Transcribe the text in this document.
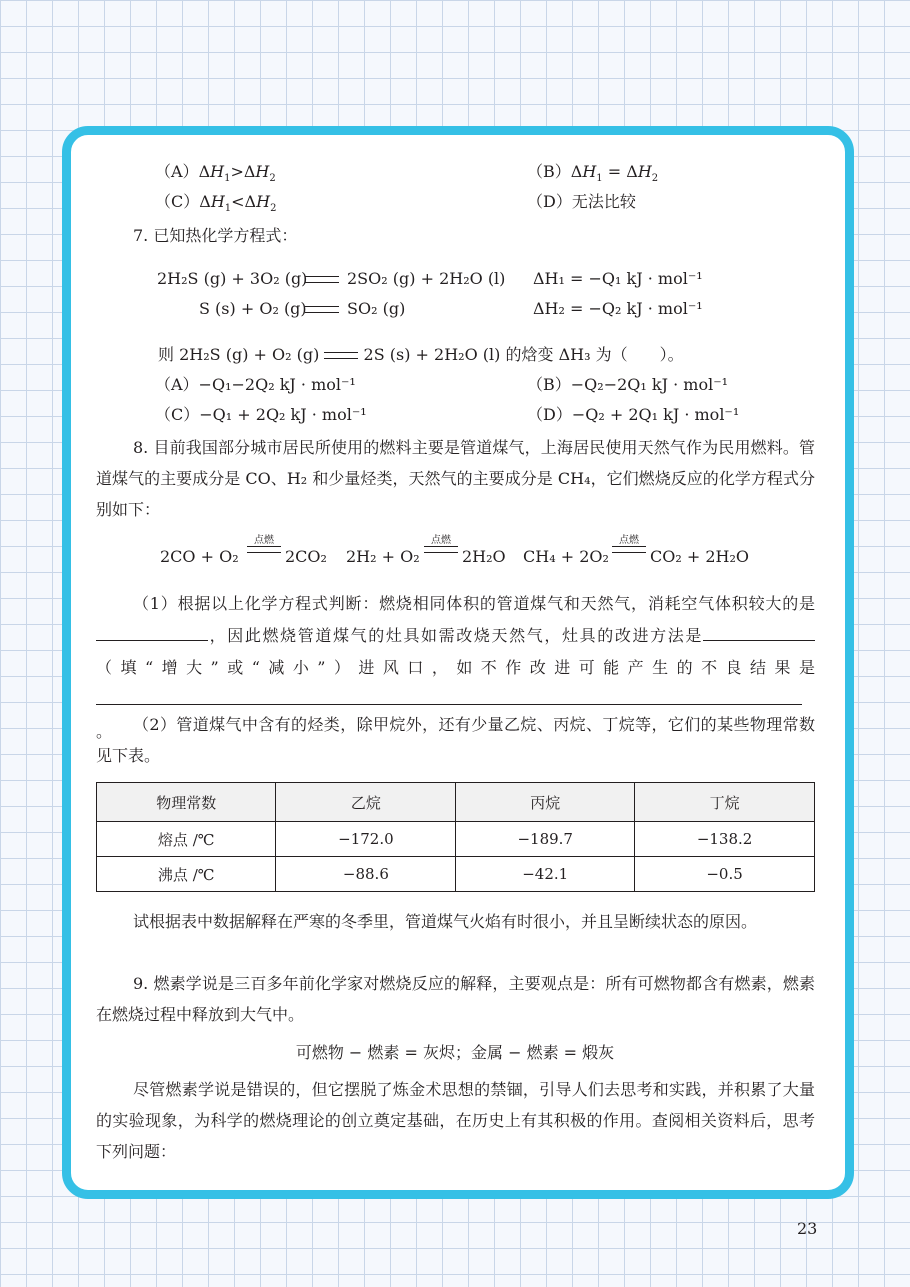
$(A)\Delta H_1>\Delta H_2$	$(B)\Delta H_1 = \Delta H_2$
$(C)\Delta H_1<\Delta H_2$	（D）无法比较
7. 已知热化学方程式：
2H₂S (g) + 3O₂ (g) 2SO₂ (g) + 2H₂O (l) ΔH₁ = −Q₁ kJ · mol⁻¹
S (s) + O₂ (g)	SO₂ (g)	ΔH₂ = −Q₂ kJ · mol⁻¹
则 2H₂S (g) + O₂ (g)	2S (s) + 2H₂O (l) 的焓变 ΔH₃ 为（　　）。
（A）−Q₁−2Q₂ kJ · mol⁻¹	（B）−Q₂−2Q₁ kJ · mol⁻¹
（C）−Q₁ + 2Q₂ kJ · mol⁻¹	（D）−Q₂ + 2Q₁ kJ · mol⁻¹
8. 目前我国部分城市居民所使用的燃料主要是管道煤气，上海居民使用天然气作为民用燃料。管道煤气的主要成分是 CO、H₂ 和少量烃类，天然气的主要成分是 CH₄，它们燃烧反应的化学方程式分别如下：
2CO + O₂
点燃
2CO₂ 2H₂ + O₂
点燃
2H₂O CH₄ + 2O₂
点燃
CO₂ + 2H₂O
（1）根据以上化学方程式判断：燃烧相同体积的管道煤气和天然气，消耗空气体积较大的是，因此燃烧管道煤气的灶具如需改烧天然气，灶具的改进方法是（填“增大”或“减小”）进风口，如不作改进可能产生的不良结果是。	（2）管道煤气中含有的烃类，除甲烷外，还有少量乙烷、丙烷、丁烷等，它们的某些物理常数见下表。
物理常数	乙烷	丙烷	丁烷
熔点 /℃	−172.0	−189.7	−138.2
沸点 /℃	−88.6	−42.1	−0.5
试根据表中数据解释在严寒的冬季里，管道煤气火焰有时很小，并且呈断续状态的原因。
9. 燃素学说是三百多年前化学家对燃烧反应的解释，主要观点是：所有可燃物都含有燃素，燃素在燃烧过程中释放到大气中。
可燃物 − 燃素 = 灰烬；金属 − 燃素 = 煅灰
尽管燃素学说是错误的，但它摆脱了炼金术思想的禁锢，引导人们去思考和实践，并积累了大量的实验现象，为科学的燃烧理论的创立奠定基础，在历史上有其积极的作用。查阅相关资料后，思考下列问题：
23
